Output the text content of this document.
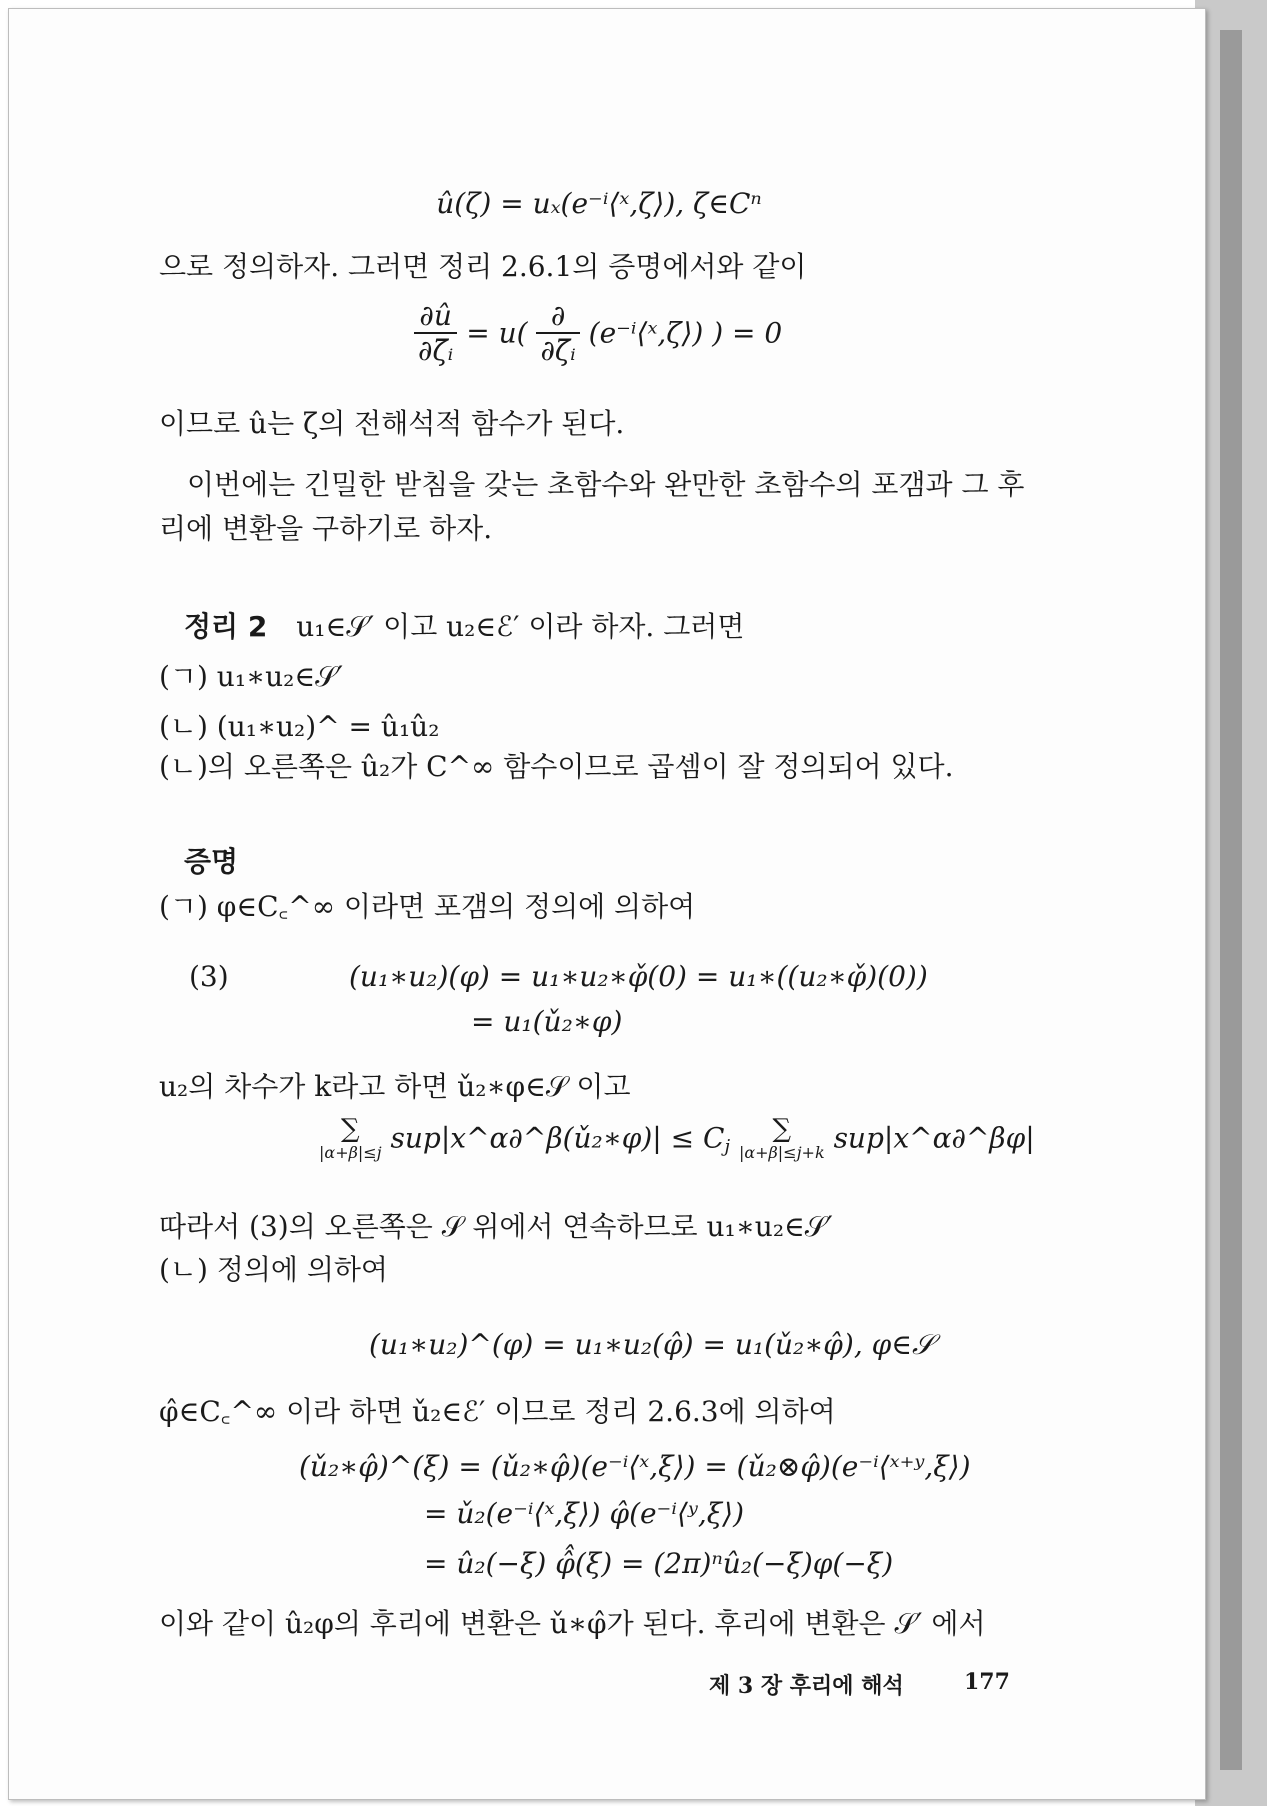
û(ζ) = uₓ(e⁻ⁱ⟨ˣ,ζ⟩), ζ∈Cⁿ
으로 정의하자. 그러면 정리 2.6.1의 증명에서와 같이
$\frac{\partial û}{\text{∂ζ̄ᵢ}} = u( \frac{\partial}{\text{∂ζ̄ᵢ}}$ (e⁻ⁱ⟨ˣ,ζ⟩) ) = 0
이므로 û는 ζ의 전해석적 함수가 된다.
이번에는 긴밀한 받침을 갖는 초함수와 완만한 초함수의 포갬과 그 후
리에 변환을 구하기로 하자.
정리 2 u₁∈𝒮′ 이고 u₂∈ℰ′ 이라 하자. 그러면
(ㄱ) u₁∗u₂∈𝒮′
(ㄴ) (u₁∗u₂)^ = û₁û₂
(ㄴ)의 오른쪽은 û₂가 C^∞ 함수이므로 곱셈이 잘 정의되어 있다.
증명
(ㄱ) φ∈C꜀^∞ 이라면 포갬의 정의에 의하여
(3)	(u₁∗u₂)(φ) = u₁∗u₂∗φ̌(0) = u₁∗((u₂∗φ̌)(0))
= u₁(ǔ₂∗φ)
u₂의 차수가 k라고 하면 ǔ₂∗φ∈𝒮 이고
∑
|α+β|≤j sup|x^α∂^β(ǔ₂∗φ)| ≤ $C_j$ ∑
|α+β|≤j+k sup|x^α∂^βφ|
따라서 (3)의 오른쪽은 𝒮 위에서 연속하므로 u₁∗u₂∈𝒮′
(ㄴ) 정의에 의하여
(u₁∗u₂)^(φ) = u₁∗u₂(φ̂) = u₁(ǔ₂∗φ̂), φ∈𝒮
φ̂∈C꜀^∞ 이라 하면 ǔ₂∈ℰ′ 이므로 정리 2.6.3에 의하여
(ǔ₂∗φ̂)^(ξ) = (ǔ₂∗φ̂)(e⁻ⁱ⟨ˣ,ξ⟩) = (ǔ₂⊗φ̂)(e⁻ⁱ⟨ˣ⁺ʸ,ξ⟩)
= ǔ₂(e⁻ⁱ⟨ˣ,ξ⟩) φ̂(e⁻ⁱ⟨ʸ,ξ⟩)
= û₂(−ξ) φ̂̂(ξ) = (2π)ⁿû₂(−ξ)φ(−ξ)
이와 같이 û₂φ의 후리에 변환은 ǔ∗φ̂가 된다. 후리에 변환은 𝒮′ 에서
제 3 장 후리에 해석	177
